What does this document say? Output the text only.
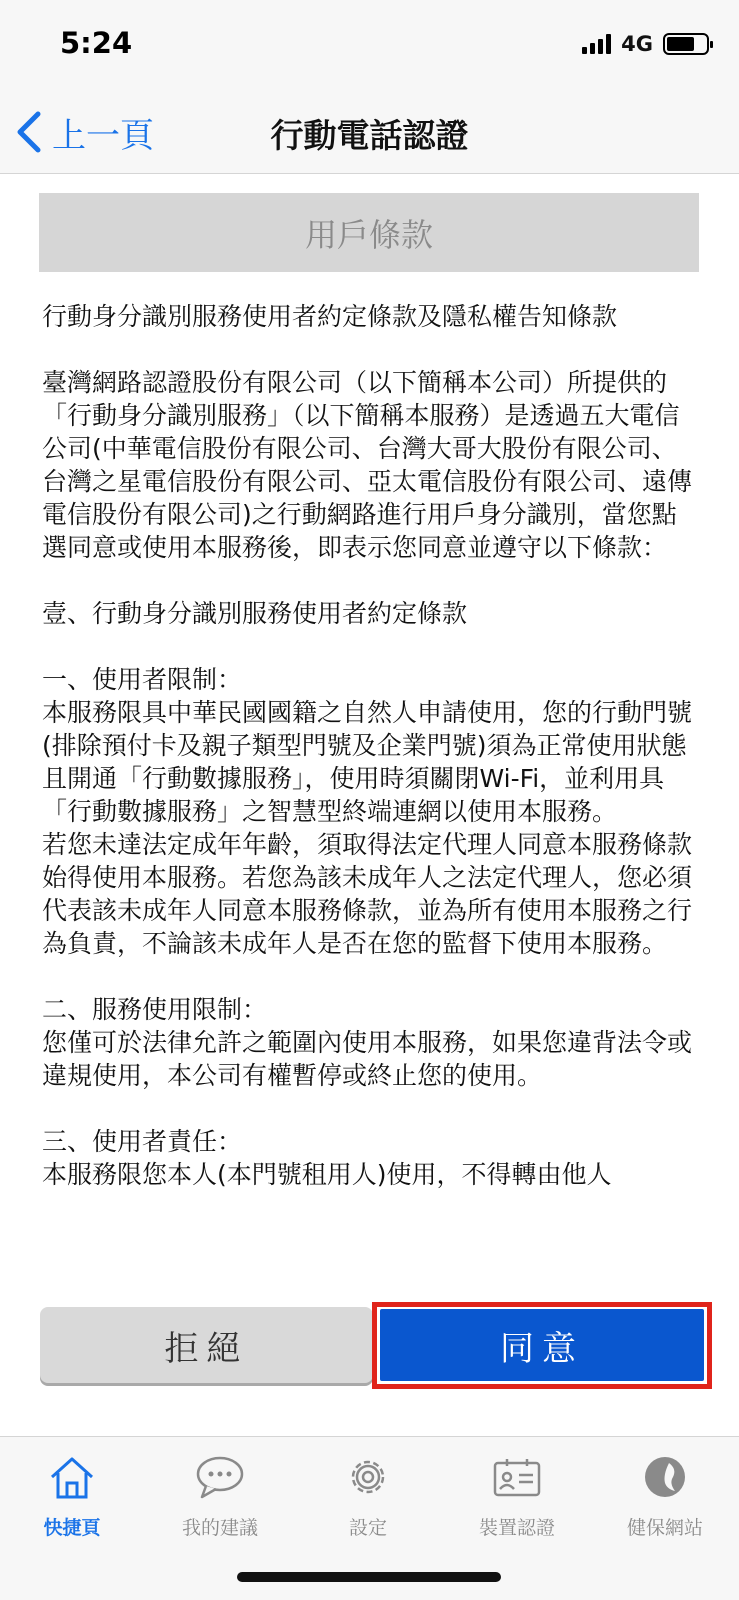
5:24	4G
上一頁	行動電話認證
用戶條款
行動身分識別服務使用者約定條款及隱私權告知條款

臺灣網路認證股份有限公司（以下簡稱本公司）所提供的「行動身分識別服務」（以下簡稱本服務）是透過五大電信公司(中華電信股份有限公司、台灣大哥大股份有限公司、台灣之星電信股份有限公司、亞太電信股份有限公司、遠傳電信股份有限公司)之行動網路進行用戶身分識別，當您點選同意或使用本服務後，即表示您同意並遵守以下條款：

壹、行動身分識別服務使用者約定條款

一、使用者限制：
本服務限具中華民國國籍之自然人申請使用，您的行動門號(排除預付卡及親子類型門號及企業門號)須為正常使用狀態且開通「行動數據服務」，使用時須關閉Wi-Fi，並利用具「行動數據服務」之智慧型終端連網以使用本服務。
若您未達法定成年年齡，須取得法定代理人同意本服務條款始得使用本服務。若您為該未成年人之法定代理人，您必須代表該未成年人同意本服務條款，並為所有使用本服務之行為負責，不論該未成年人是否在您的監督下使用本服務。

二、服務使用限制：
您僅可於法律允許之範圍內使用本服務，如果您違背法令或違規使用，本公司有權暫停或終止您的使用。

三、使用者責任：
本服務限您本人(本門號租用人)使用，不得轉由他人
拒絕	同意
快捷頁	我的建議	設定	裝置認證	健保網站
